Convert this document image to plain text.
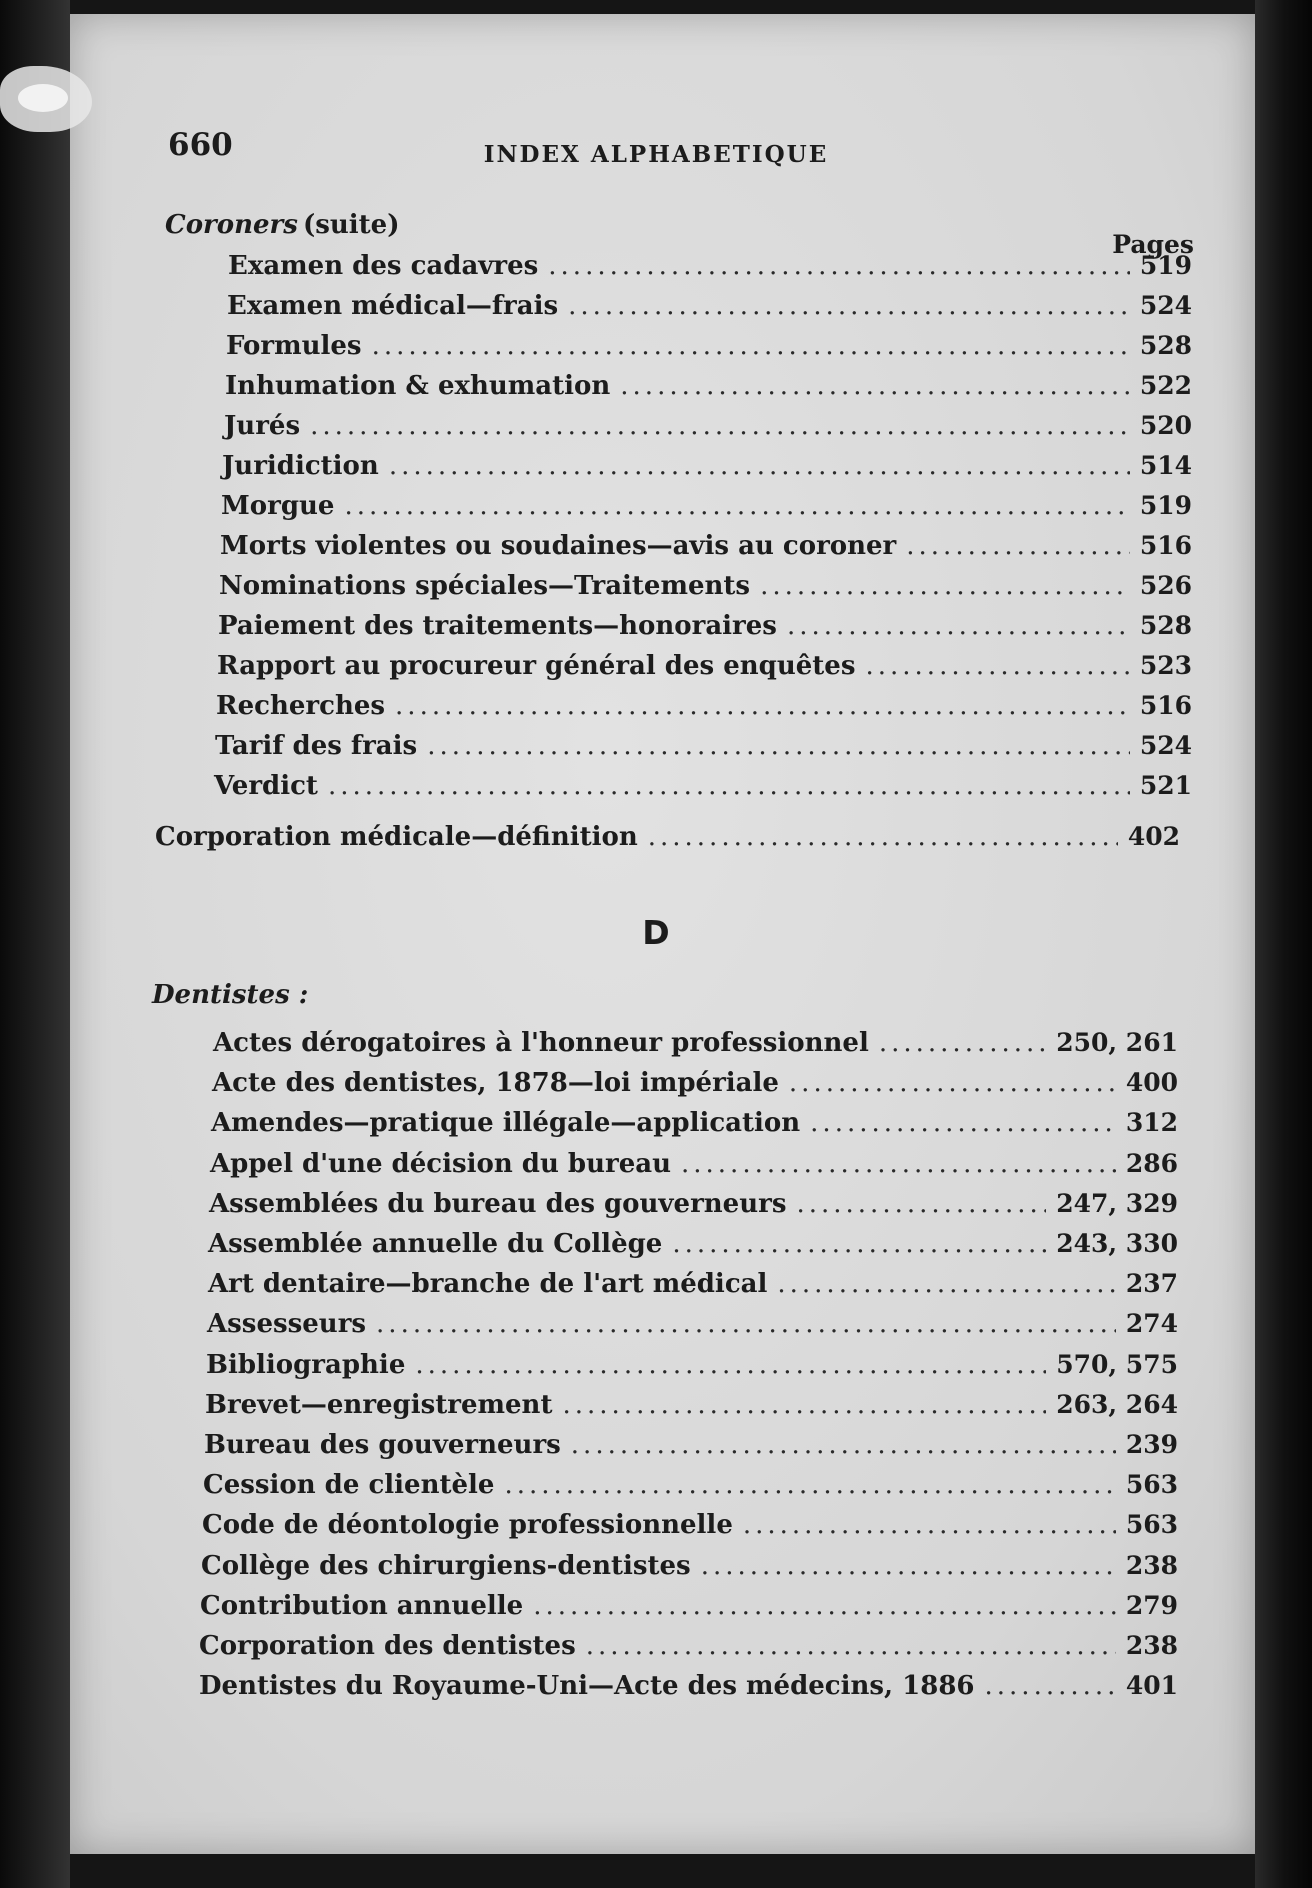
660	INDEX ALPHABETIQUE
Pages
Coroners (suite)
Examen des cadavres .....	519
Examen médical—frais .....	524
Formules .....	528
Inhumation & exhumation .....	522
Jurés .....	520
Juridiction .....	514
Morgue .....	519
Morts violentes ou soudaines—avis au coroner .....	516
Nominations spéciales—Traitements .....	526
Paiement des traitements—honoraires .....	528
Rapport au procureur général des enquêtes .....	523
Recherches .....	516
Tarif des frais .....	524
Verdict .....	521
Corporation médicale—définition .....	402
D
Dentistes :
Actes dérogatoires à l'honneur professionnel .....	250, 261
Acte des dentistes, 1878—loi impériale .....	400
Amendes—pratique illégale—application .....	312
Appel d'une décision du bureau .....	286
Assemblées du bureau des gouverneurs .....	247, 329
Assemblée annuelle du Collège .....	243, 330
Art dentaire—branche de l'art médical .....	237
Assesseurs .....	274
Bibliographie .....	570, 575
Brevet—enregistrement .....	263, 264
Bureau des gouverneurs .....	239
Cession de clientèle .....	563
Code de déontologie professionnelle .....	563
Collège des chirurgiens-dentistes .....	238
Contribution annuelle .....	279
Corporation des dentistes .....	238
Dentistes du Royaume-Uni—Acte des médecins, 1886 .....	401
